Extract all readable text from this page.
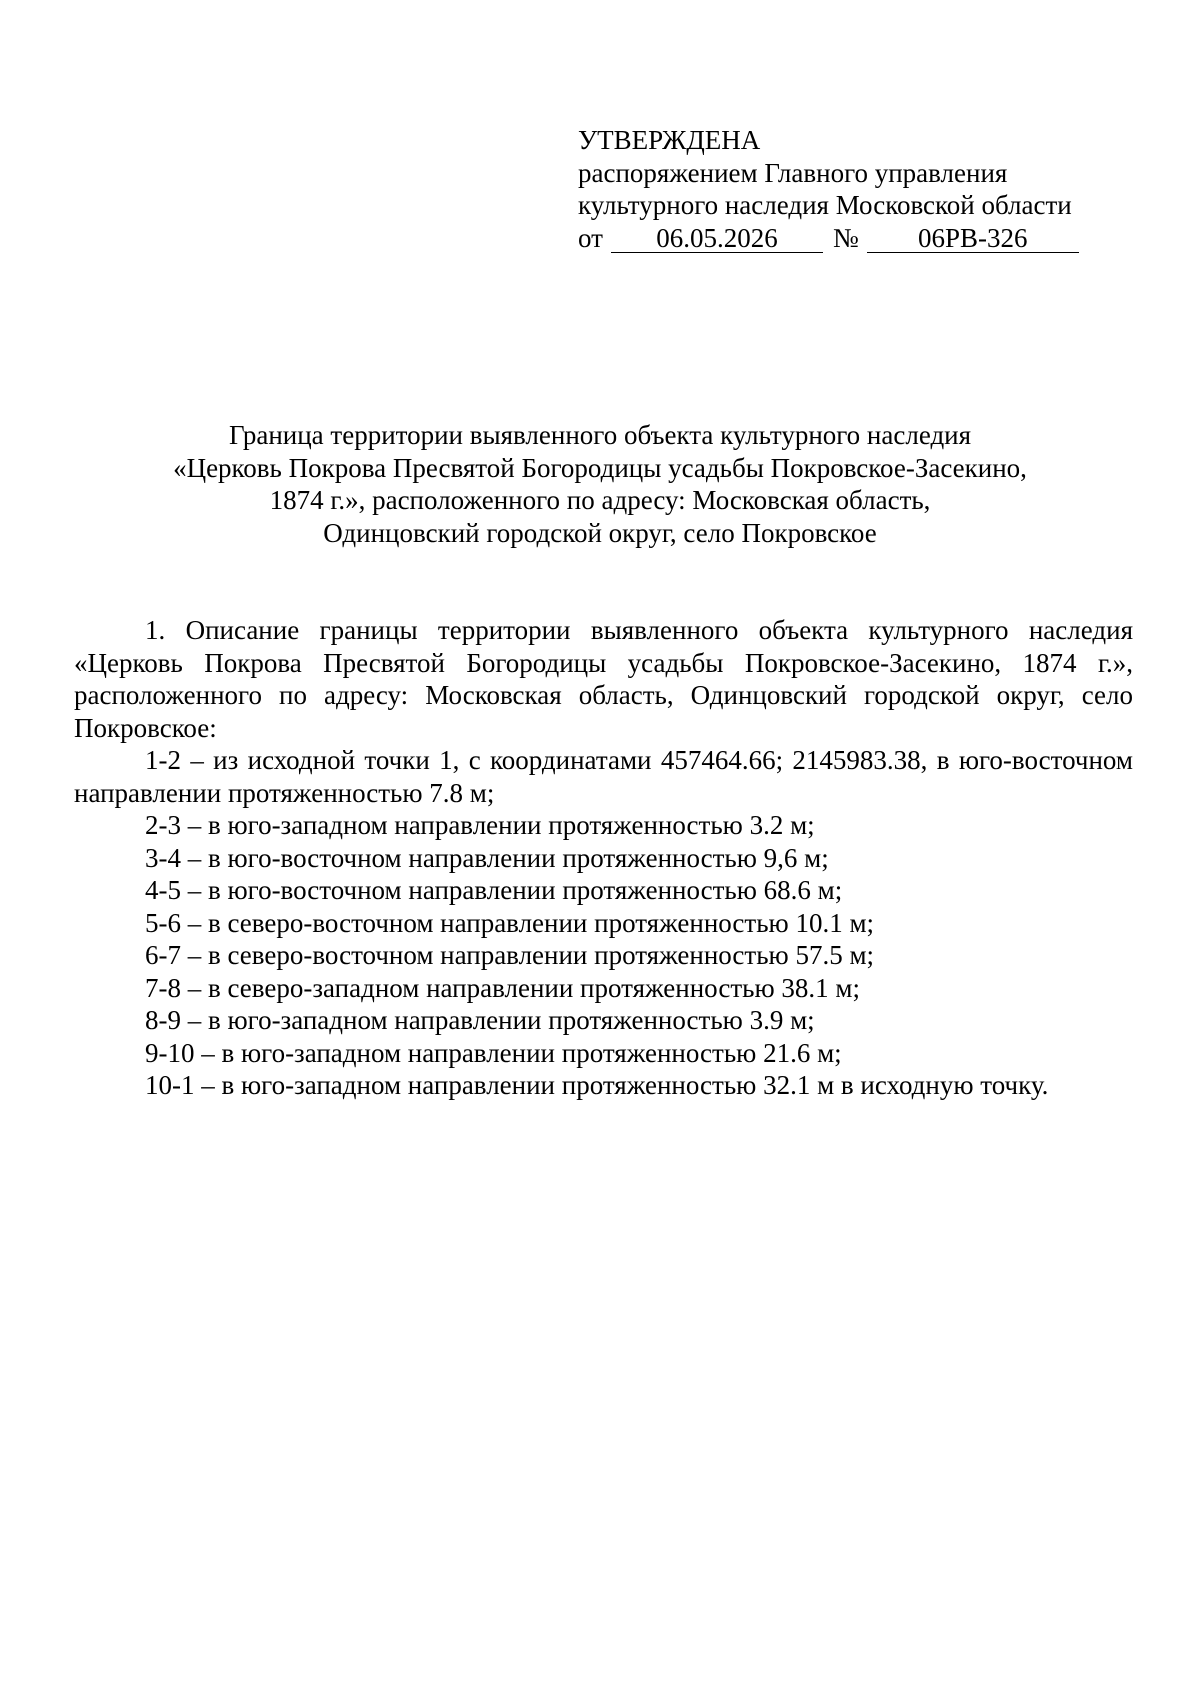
УТВЕРЖДЕНА
распоряжением Главного управления
культурного наследия Московской области
от	06.05.2026	№	06РВ-326
Граница территории выявленного объекта культурного наследия
«Церковь Покрова Пресвятой Богородицы усадьбы Покровское-Засекино,
1874 г.», расположенного по адресу: Московская область,
Одинцовский городской округ, село Покровское

1. Описание границы территории выявленного объекта культурного наследия «Церковь Покрова Пресвятой Богородицы усадьбы Покровское-Засекино, 1874 г.», расположенного по адресу: Московская область, Одинцовский городской округ, село Покровское:

1-2 – из исходной точки 1, с координатами 457464.66; 2145983.38, в юго-восточном направлении протяженностью 7.8 м;

2-3 – в юго-западном направлении протяженностью 3.2 м;

3-4 – в юго-восточном направлении протяженностью 9,6 м;

4-5 – в юго-восточном направлении протяженностью 68.6 м;

5-6 – в северо-восточном направлении протяженностью 10.1 м;

6-7 – в северо-восточном направлении протяженностью 57.5 м;

7-8 – в северо-западном направлении протяженностью 38.1 м;

8-9 – в юго-западном направлении протяженностью 3.9 м;

9-10 – в юго-западном направлении протяженностью 21.6 м;

10-1 – в юго-западном направлении протяженностью 32.1 м в исходную точку.
